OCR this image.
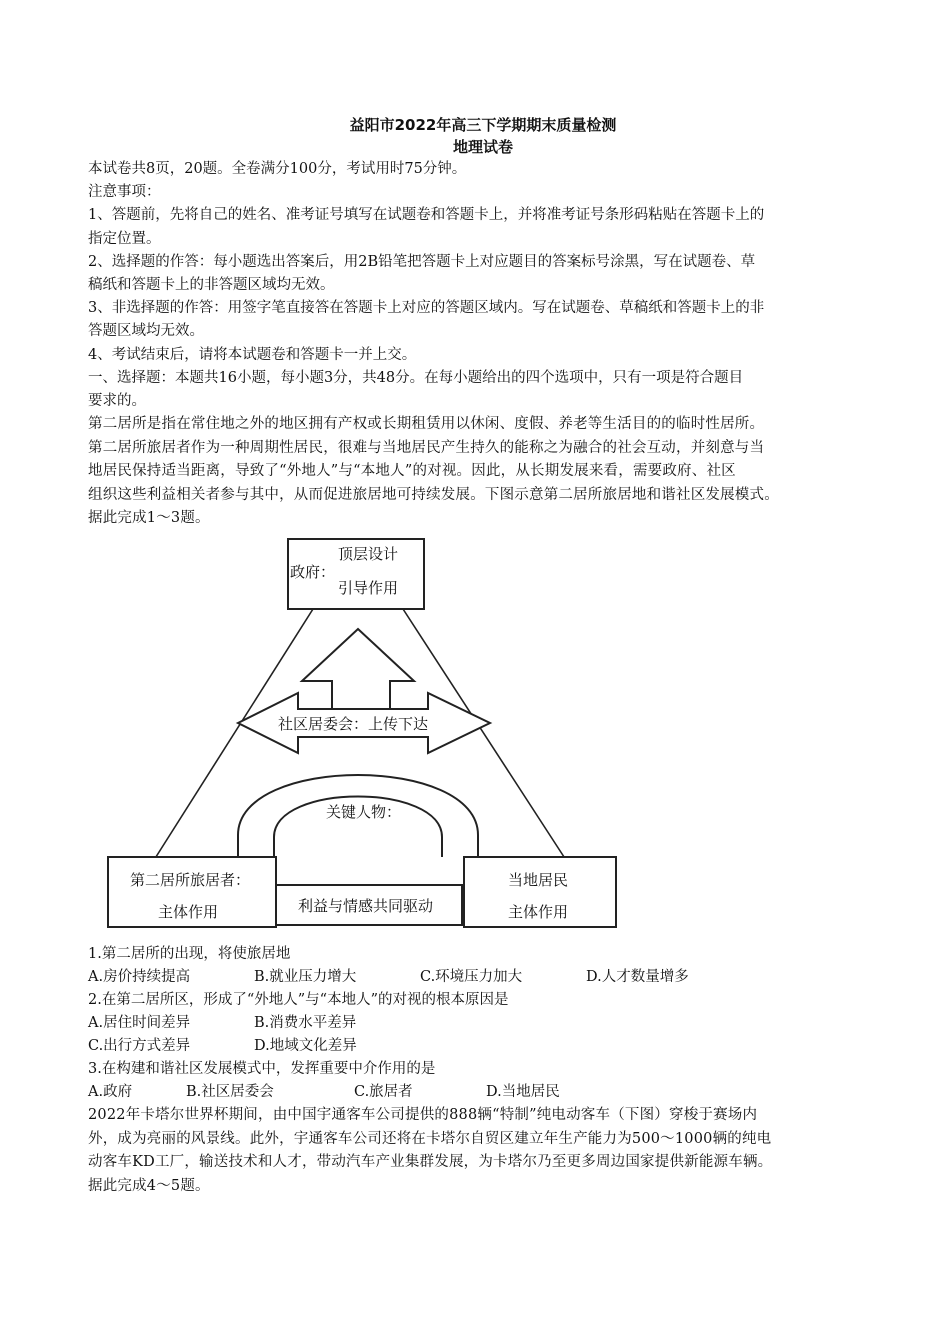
益阳市2022年高三下学期期末质量检测
地理试卷

本试卷共8页，20题。全卷满分100分，考试用时75分钟。

注意事项：

1、答题前，先将自己的姓名、准考证号填写在试题卷和答题卡上，并将准考证号条形码粘贴在答题卡上的

指定位置。

2、选择题的作答：每小题选出答案后，用2B铅笔把答题卡上对应题目的答案标号涂黑，写在试题卷、草

稿纸和答题卡上的非答题区域均无效。

3、非选择题的作答：用签字笔直接答在答题卡上对应的答题区域内。写在试题卷、草稿纸和答题卡上的非

答题区域均无效。

4、考试结束后，请将本试题卷和答题卡一并上交。

一、选择题：本题共16小题，每小题3分，共48分。在每小题给出的四个选项中，只有一项是符合题目

要求的。

第二居所是指在常住地之外的地区拥有产权或长期租赁用以休闲、度假、养老等生活目的的临时性居所。

第二居所旅居者作为一种周期性居民，很难与当地居民产生持久的能称之为融合的社会互动，并刻意与当

地居民保持适当距离，导致了“外地人”与“本地人”的对视。因此，从长期发展来看，需要政府、社区

组织这些利益相关者参与其中，从而促进旅居地可持续发展。下图示意第二居所旅居地和谐社区发展模式。

据此完成1～3题。

顶层设计
政府：
引导作用
社区居委会：上传下达
关键人物：
第二居所旅居者：
主体作用	利益与情感共同驱动
当地居民
主体作用

1.第二居所的出现，将使旅居地

A.房价持续提高	B.就业压力增大	C.环境压力加大	D.人才数量增多

2.在第二居所区，形成了“外地人”与“本地人”的对视的根本原因是

A.居住时间差异	B.消费水平差异
C.出行方式差异	D.地域文化差异

3.在构建和谐社区发展模式中，发挥重要中介作用的是

A.政府	B.社区居委会	C.旅居者	D.当地居民

2022年卡塔尔世界杯期间，由中国宇通客车公司提供的888辆“特制”纯电动客车（下图）穿梭于赛场内

外，成为亮丽的风景线。此外，宇通客车公司还将在卡塔尔自贸区建立年生产能力为500～1000辆的纯电

动客车KD工厂，输送技术和人才，带动汽车产业集群发展，为卡塔尔乃至更多周边国家提供新能源车辆。

据此完成4～5题。
